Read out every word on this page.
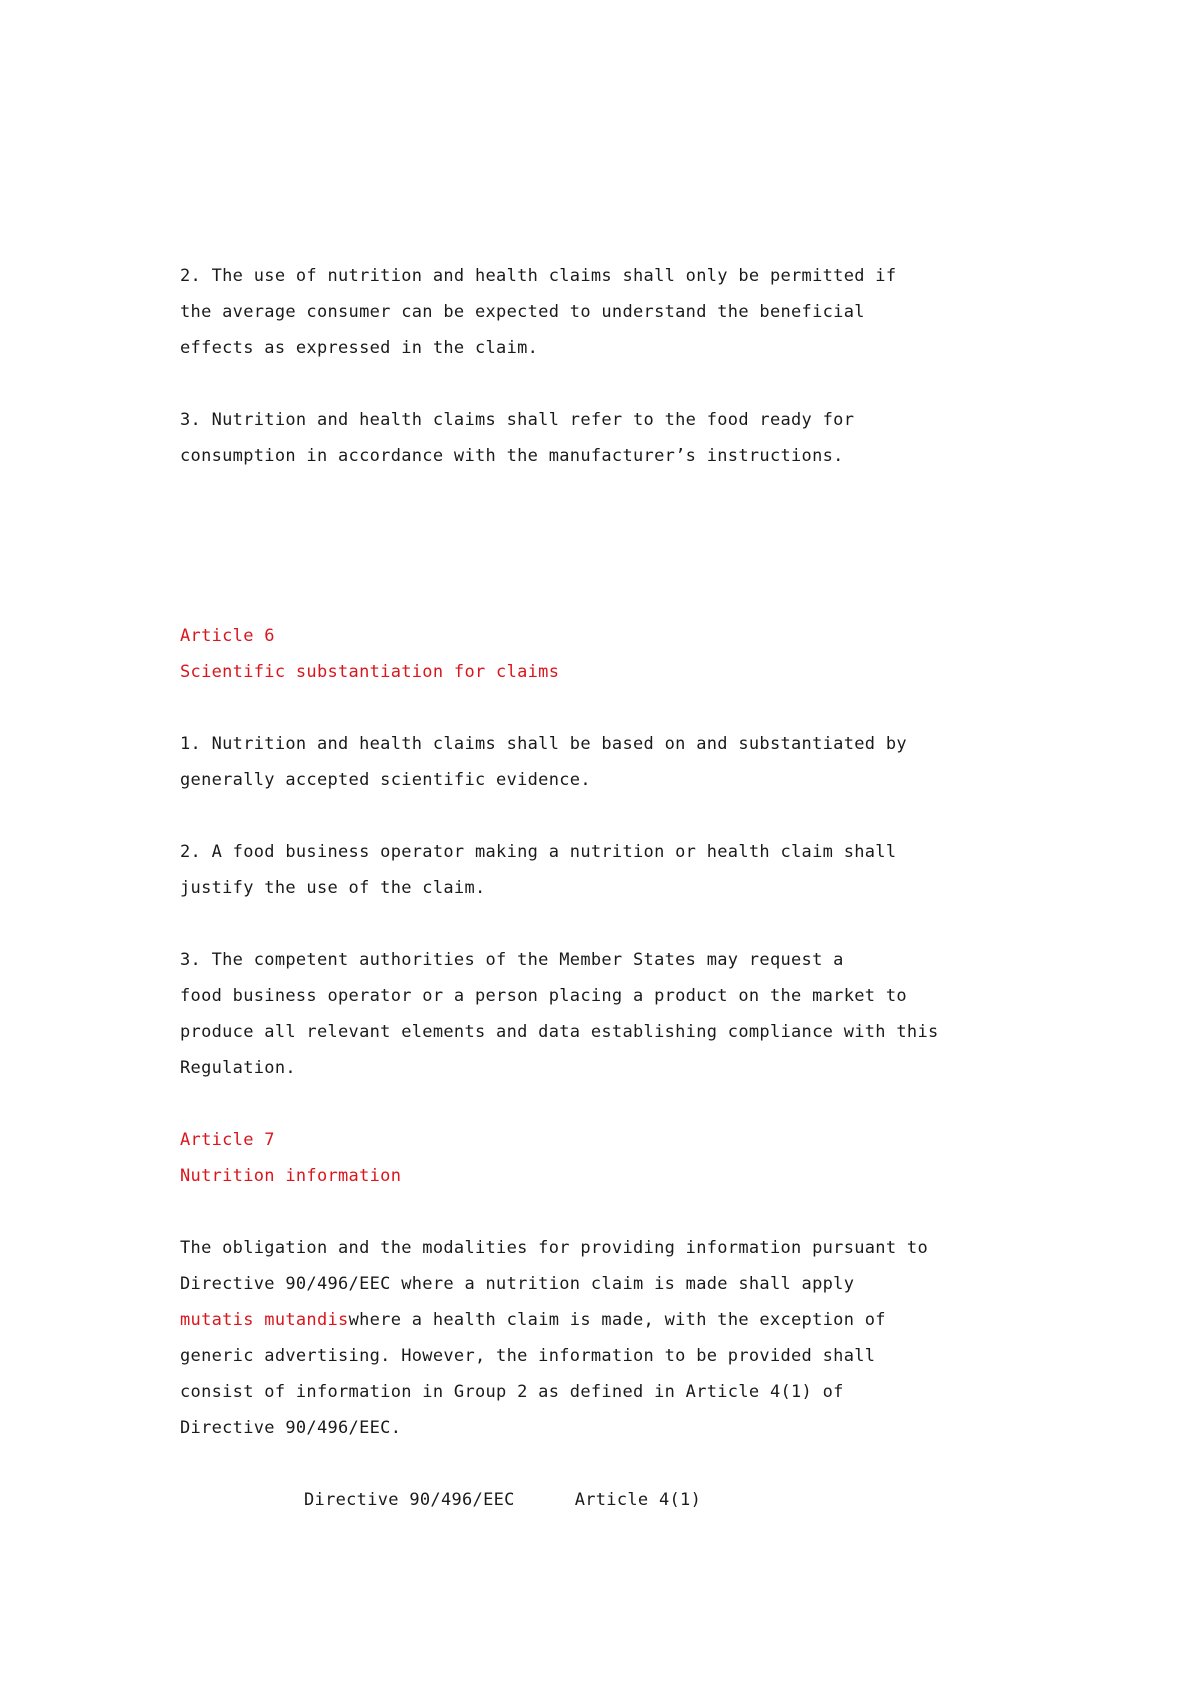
2. The use of nutrition and health claims shall only be permitted if
the average consumer can be expected to understand the beneficial
effects as expressed in the claim.
3. Nutrition and health claims shall refer to the food ready for
consumption in accordance with the manufacturer’s instructions.
Article 6
Scientific substantiation for claims
1. Nutrition and health claims shall be based on and substantiated by
generally accepted scientific evidence.
2. A food business operator making a nutrition or health claim shall
justify the use of the claim.
3. The competent authorities of the Member States may request a
food business operator or a person placing a product on the market to
produce all relevant elements and data establishing compliance with this
Regulation.
Article 7
Nutrition information
The obligation and the modalities for providing information pursuant to
Directive 90/496/EEC where a nutrition claim is made shall apply
mutatis mutandiswhere a health claim is made, with the exception of
generic advertising. However, the information to be provided shall
consist of information in Group 2 as defined in Article 4(1) of
Directive 90/496/EEC.
Directive 90/496/EEC	Article 4(1)
